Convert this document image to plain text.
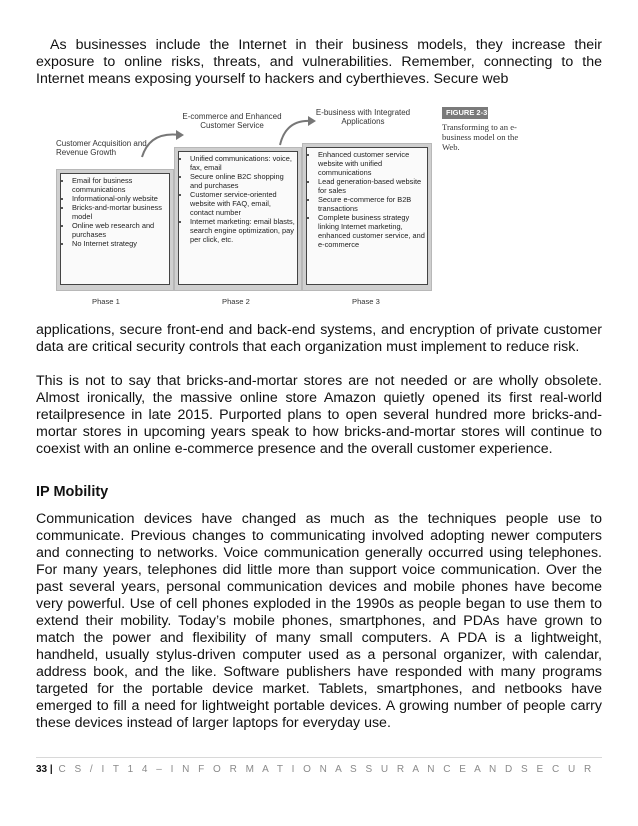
As businesses include the Internet in their business models, they increase their exposure to online risks, threats, and vulnerabilities. Remember, connecting to the Internet means exposing yourself to hackers and cyberthieves. Secure web

Customer Acquisition and Revenue Growth
E-commerce and Enhanced Customer Service
E-business with Integrated Applications
• Email for business communications
• Informational-only website
• Bricks-and-mortar business model
• Online web research and purchases
• No Internet strategy
• Unified communications: voice, fax, email
• Secure online B2C shopping and purchases
• Customer service-oriented website with FAQ, email, contact number
• Internet marketing: email blasts, search engine optimization, pay per click, etc.
• Enhanced customer service website with unified communications
• Lead generation-based website for sales
• Secure e-commerce for B2B transactions
• Complete business strategy linking Internet marketing, enhanced customer service, and e-commerce
Phase 1	Phase 2	Phase 3
FIGURE 2-3
Transforming to an e-business model on the Web.

applications, secure front-end and back-end systems, and encryption of private customer data are critical security controls that each organization must implement to reduce risk.

This is not to say that bricks-and-mortar stores are not needed or are wholly obsolete. Almost ironically, the massive online store Amazon quietly opened its first real-world retailpresence in late 2015. Purported plans to open several hundred more bricks-and-mortar stores in upcoming years speak to how bricks-and-mortar stores will continue to coexist with an online e-commerce presence and the overall customer experience.

IP Mobility

Communication devices have changed as much as the techniques people use to communicate. Previous changes to communicating involved adopting newer computers and connecting to networks. Voice communication generally occurred using telephones. For many years, telephones did little more than support voice communication. Over the past several years, personal communication devices and mobile phones have become very powerful. Use of cell phones exploded in the 1990s as people began to use them to extend their mobility. Today’s mobile phones, smartphones, and PDAs have grown to match the power and flexibility of many small computers. A PDA is a lightweight, handheld, usually stylus-driven computer used as a personal organizer, with calendar, address book, and the like. Software publishers have responded with many programs targeted for the portable device market. Tablets, smartphones, and netbooks have emerged to fill a need for lightweight portable devices. A growing number of people carry these devices instead of larger laptops for everyday use.

33 | C S / I T 1 4 – I N F O R M A T I O N A S S U R A N C E A N D S E C U R
